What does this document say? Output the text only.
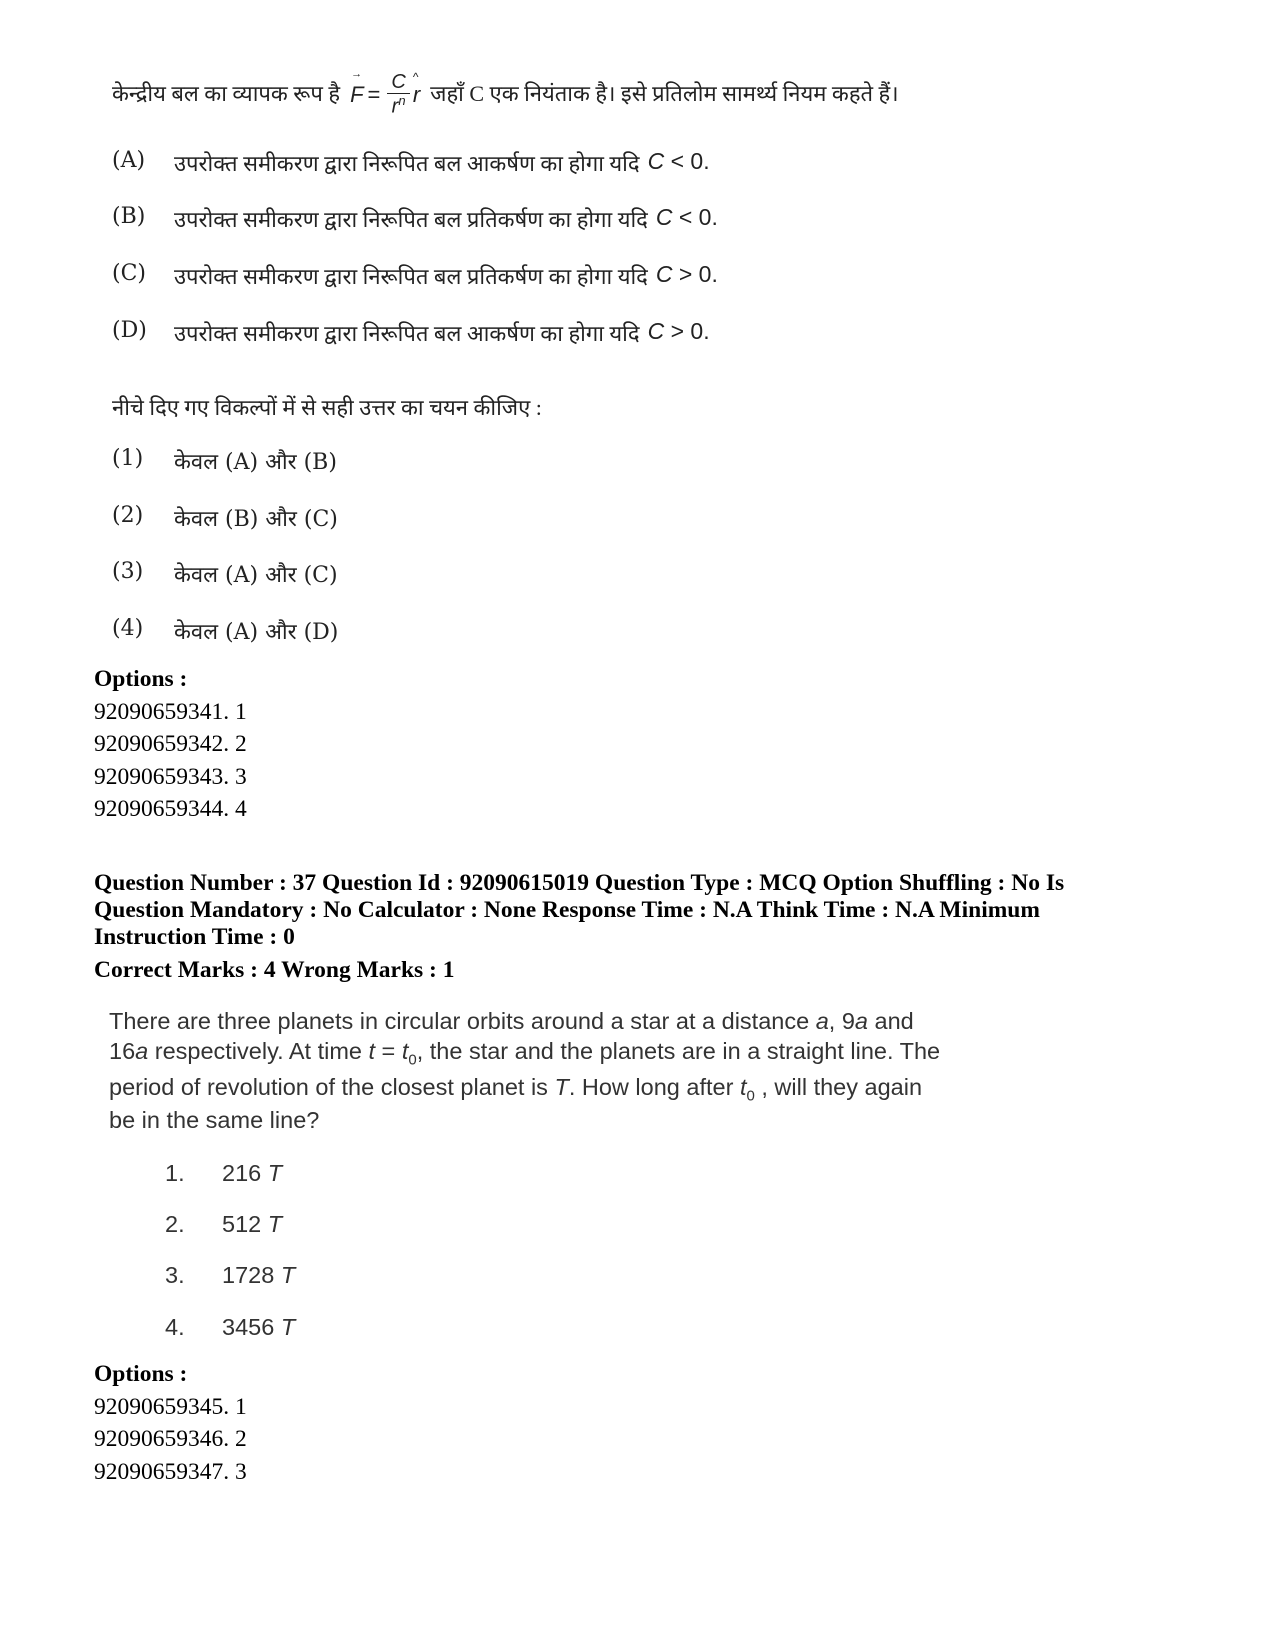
केन्द्रीय बल का व्यापक रूप है → $F = \frac{C}{r^n}$ ^ r जहाँ C एक नियंताक है। इसे प्रतिलोम सामर्थ्य नियम कहते हैं।
(A)	उपरोक्त समीकरण द्वारा निरूपित बल आकर्षण का होगा यदि C < 0.
(B)	उपरोक्त समीकरण द्वारा निरूपित बल प्रतिकर्षण का होगा यदि C < 0.
(C)	उपरोक्त समीकरण द्वारा निरूपित बल प्रतिकर्षण का होगा यदि C > 0.
(D)	उपरोक्त समीकरण द्वारा निरूपित बल आकर्षण का होगा यदि C > 0.
नीचे दिए गए विकल्पों में से सही उत्तर का चयन कीजिए :
(1)	केवल (A) और (B)
(2)	केवल (B) और (C)
(3)	केवल (A) और (C)
(4)	केवल (A) और (D)
Options :
92090659341. 1
92090659342. 2
92090659343. 3
92090659344. 4
Question Number : 37 Question Id : 92090615019 Question Type : MCQ Option Shuffling : No Is
Question Mandatory : No Calculator : None Response Time : N.A Think Time : N.A Minimum
Instruction Time : 0
Correct Marks : 4 Wrong Marks : 1
There are three planets in circular orbits around a star at a distance a, 9a and
16a respectively. At time $t = t_0$, the star and the planets are in a straight line. The
period of revolution of the closest planet is T. How long after $t_0$ , will they again
be in the same line?
1.	216 T
2.	512 T
3.	1728 T
4.	3456 T
Options :
92090659345. 1
92090659346. 2
92090659347. 3
